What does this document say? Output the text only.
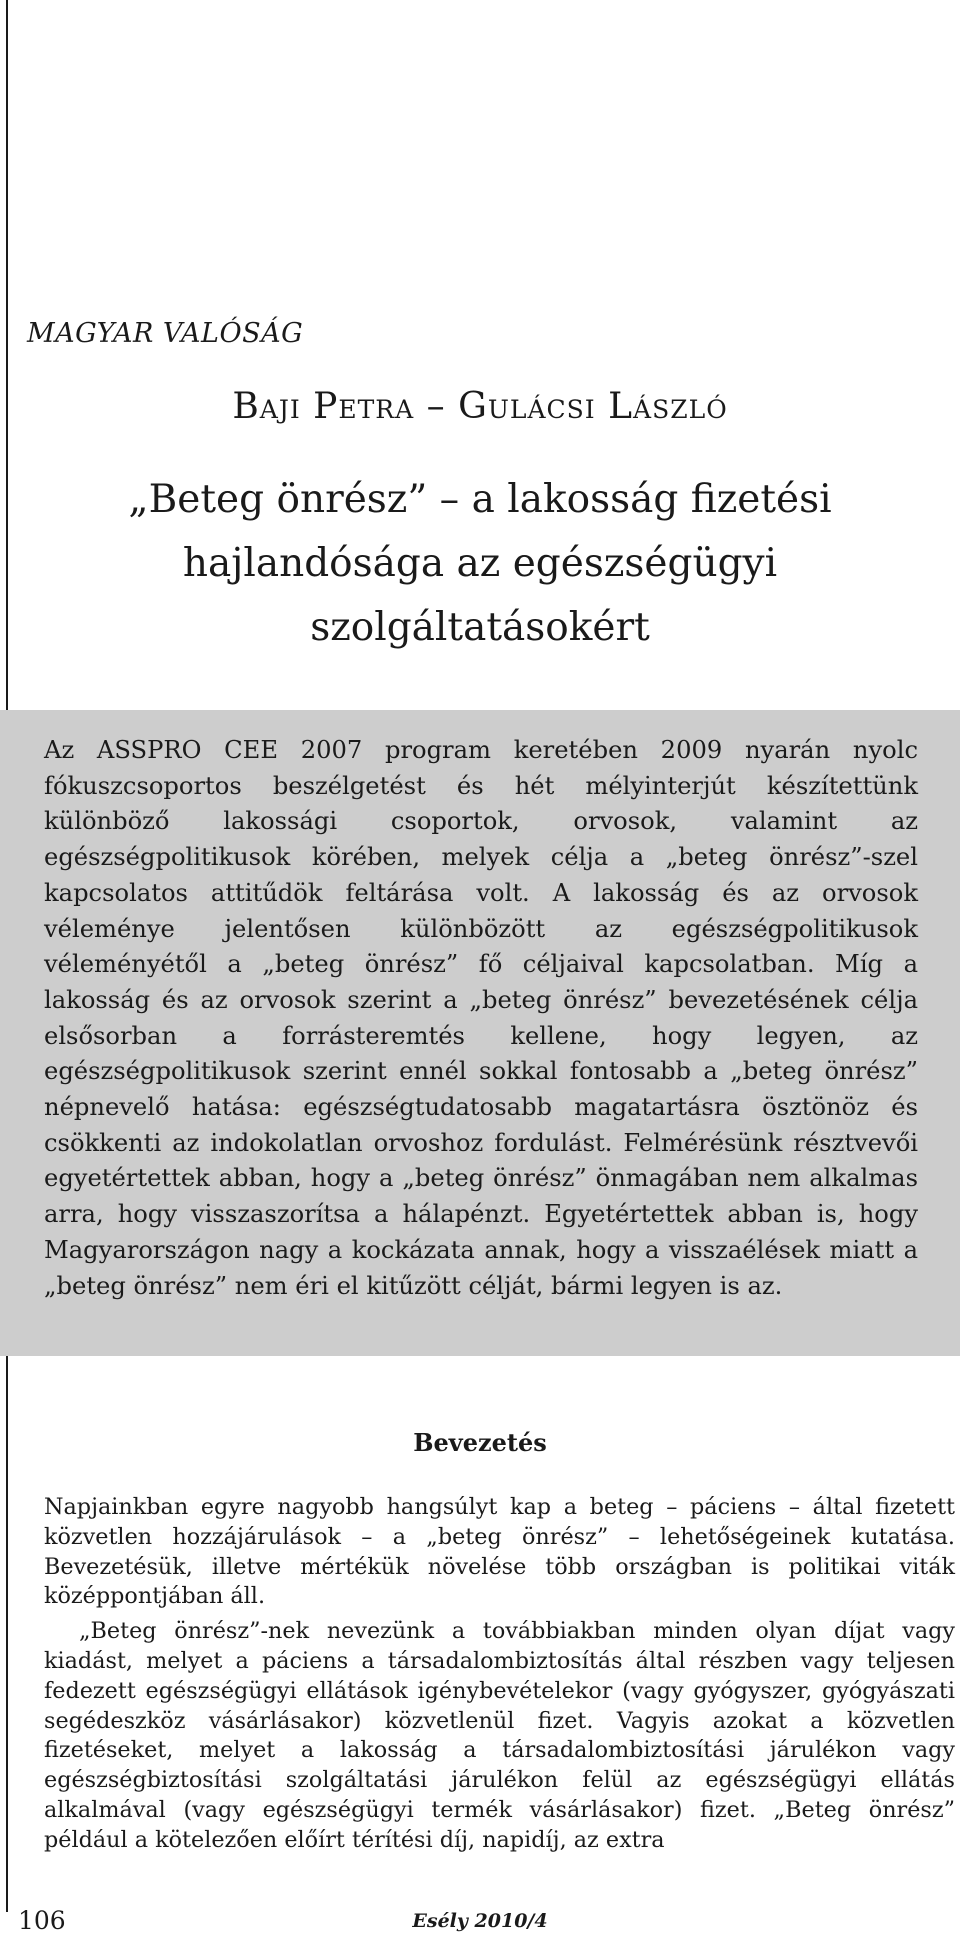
MAGYAR VALÓSÁG
Baji Petra – Gulácsi László
„Beteg önrész” – a lakosság fizetési
hajlandósága az egészségügyi
szolgáltatásokért
Az ASSPRO CEE 2007 program keretében 2009 nyarán nyolc fókuszcsoportos beszélgetést és hét mélyinterjút készítettünk különböző lakossági csoportok, orvosok, valamint az egészségpolitikusok körében, melyek célja a „beteg önrész”-szel kapcsolatos attitűdök feltárása volt. A lakosság és az orvosok véleménye jelentősen különbözött az egészségpolitikusok véleményétől a „beteg önrész” fő céljaival kapcsolatban. Míg a lakosság és az orvosok szerint a „beteg önrész” bevezetésének célja elsősorban a forrásteremtés kellene, hogy legyen, az egészségpolitikusok szerint ennél sokkal fontosabb a „beteg önrész” népnevelő hatása: egészségtudatosabb magatartásra ösztönöz és csökkenti az indokolatlan orvoshoz fordulást. Felmérésünk résztvevői egyetértettek abban, hogy a „beteg önrész” önmagában nem alkalmas arra, hogy visszaszorítsa a hálapénzt. Egyetértettek abban is, hogy Magyarországon nagy a kockázata annak, hogy a visszaélések miatt a „beteg önrész” nem éri el kitűzött célját, bármi legyen is az.
Bevezetés

Napjainkban egyre nagyobb hangsúlyt kap a beteg – páciens – által fizetett közvetlen hozzájárulások – a „beteg önrész” – lehetőségeinek kutatása. Bevezetésük, illetve mértékük növelése több országban is politikai viták középpontjában áll.

„Beteg önrész”-nek nevezünk a továbbiakban minden olyan díjat vagy kiadást, melyet a páciens a társadalombiztosítás által részben vagy teljesen fedezett egészségügyi ellátások igénybevételekor (vagy gyógyszer, gyógyászati segédeszköz vásárlásakor) közvetlenül fizet. Vagyis azokat a közvetlen fizetéseket, melyet a lakosság a társadalombiztosítási járulékon vagy egészségbiztosítási szolgáltatási járulékon felül az egészségügyi ellátás alkalmával (vagy egészségügyi termék vásárlásakor) fizet. „Beteg önrész” például a kötelezően előírt térítési díj, napidíj, az extra

106	Esély 2010/4
